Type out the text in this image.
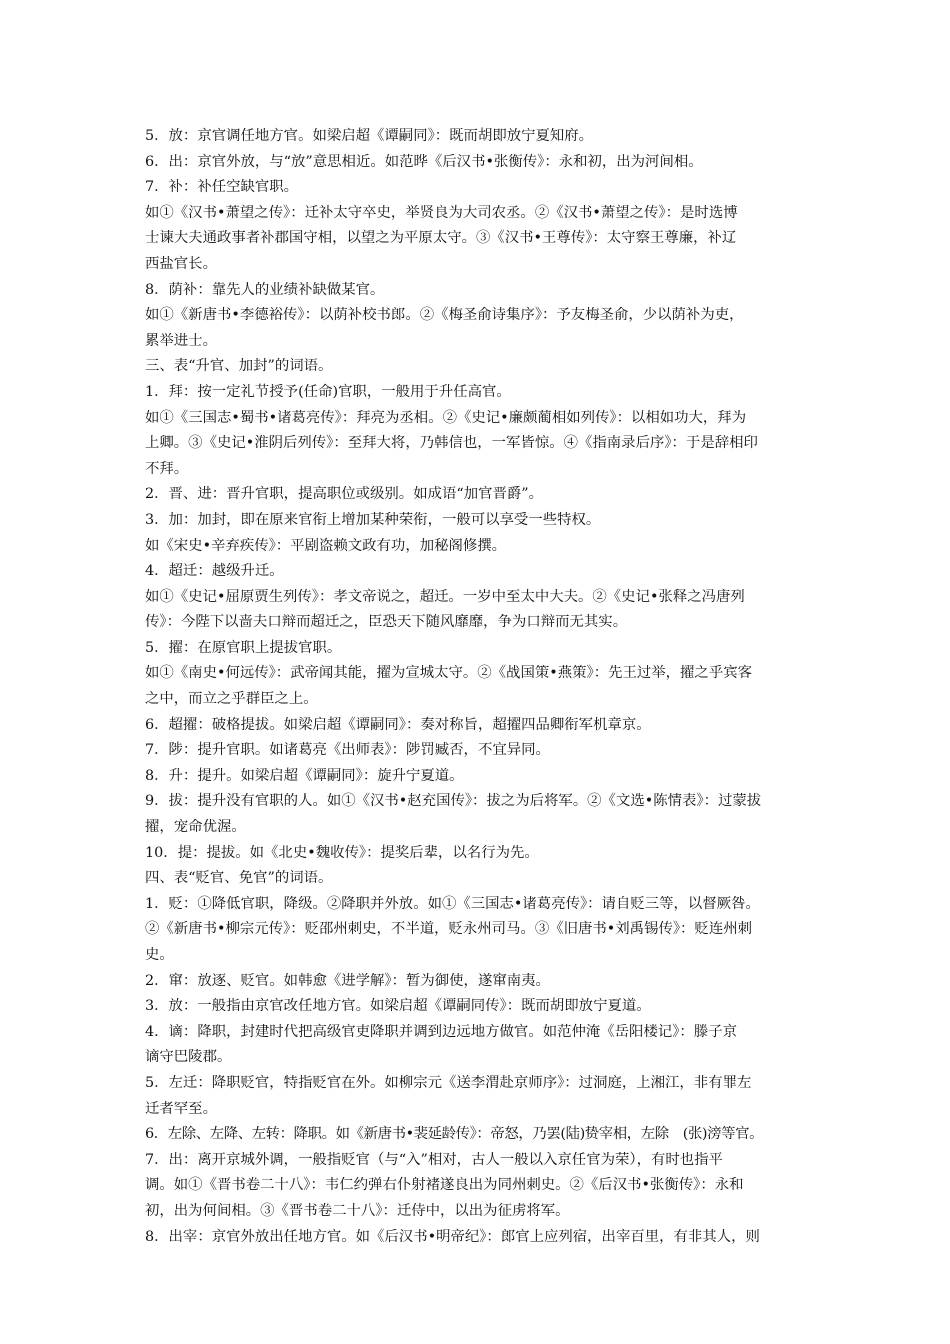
5．放：京官调任地方官。如梁启超《谭嗣同》：既而胡即放宁夏知府。
6．出：京官外放，与“放”意思相近。如范晔《后汉书•张衡传》：永和初，出为河间相。
7．补：补任空缺官职。
如①《汉书•萧望之传》：迁补太守卒史，举贤良为大司农丞。②《汉书•萧望之传》：是时选博
士谏大夫通政事者补郡国守相，以望之为平原太守。③《汉书•王尊传》：太守察王尊廉，补辽
西盐官长。
8．荫补：靠先人的业绩补缺做某官。
如①《新唐书•李德裕传》：以荫补校书郎。②《梅圣俞诗集序》：予友梅圣俞，少以荫补为吏，
累举进士。
三、表“升官、加封”的词语。
1．拜：按一定礼节授予(任命)官职，一般用于升任高官。
如①《三国志•蜀书•诸葛亮传》：拜亮为丞相。②《史记•廉颇蔺相如列传》：以相如功大，拜为
上卿。③《史记•淮阴后列传》：至拜大将，乃韩信也，一军皆惊。④《指南录后序》：于是辞相印
不拜。
2．晋、进：晋升官职，提高职位或级别。如成语“加官晋爵”。
3．加：加封，即在原来官衔上增加某种荣衔，一般可以享受一些特权。
如《宋史•辛弃疾传》：平剧盗赖文政有功，加秘阁修撰。
4．超迁：越级升迁。
如①《史记•屈原贾生列传》：孝文帝说之，超迁。一岁中至太中大夫。②《史记•张释之冯唐列
传》：今陛下以啬夫口辩而超迁之，臣恐天下随风靡靡，争为口辩而无其实。
5．擢：在原官职上提拔官职。
如①《南史•何远传》：武帝闻其能，擢为宣城太守。②《战国策•燕策》：先王过举，擢之乎宾客
之中，而立之乎群臣之上。
6．超擢：破格提拔。如梁启超《谭嗣同》：奏对称旨，超擢四品卿衔军机章京。
7．陟：提升官职。如诸葛亮《出师表》：陟罚臧否，不宜异同。
8．升：提升。如梁启超《谭嗣同》：旋升宁夏道。
9．拔：提升没有官职的人。如①《汉书•赵充国传》：拔之为后将军。②《文选•陈情表》：过蒙拔
擢，宠命优渥。
10．提：提拔。如《北史•魏收传》：提奖后辈，以名行为先。
四、表“贬官、免官”的词语。
1．贬：①降低官职，降级。②降职并外放。如①《三国志•诸葛亮传》：请自贬三等，以督厥咎。
②《新唐书•柳宗元传》：贬邵州刺史，不半道，贬永州司马。③《旧唐书•刘禹锡传》：贬连州刺
史。
2．窜：放逐、贬官。如韩愈《进学解》：暂为御使，遂窜南夷。
3．放：一般指由京官改任地方官。如梁启超《谭嗣同传》：既而胡即放宁夏道。
4．谪：降职，封建时代把高级官吏降职并调到边远地方做官。如范仲淹《岳阳楼记》：滕子京
谪守巴陵郡。
5．左迁：降职贬官，特指贬官在外。如柳宗元《送李渭赴京师序》：过洞庭，上湘江，非有罪左
迁者罕至。
6．左除、左降、左转：降职。如《新唐书•裴延龄传》：帝怒，乃罢(陆)贽宰相，左除　(张)滂等官。
7．出：离开京城外调，一般指贬官（与“入”相对，古人一般以入京任官为荣），有时也指平
调。如①《晋书卷二十八》：韦仁约弹右仆射褚遂良出为同州刺史。②《后汉书•张衡传》：永和
初，出为何间相。③《晋书卷二十八》：迁侍中，以出为征虏将军。
8．出宰：京官外放出任地方官。如《后汉书•明帝纪》：郎官上应列宿，出宰百里，有非其人，则
